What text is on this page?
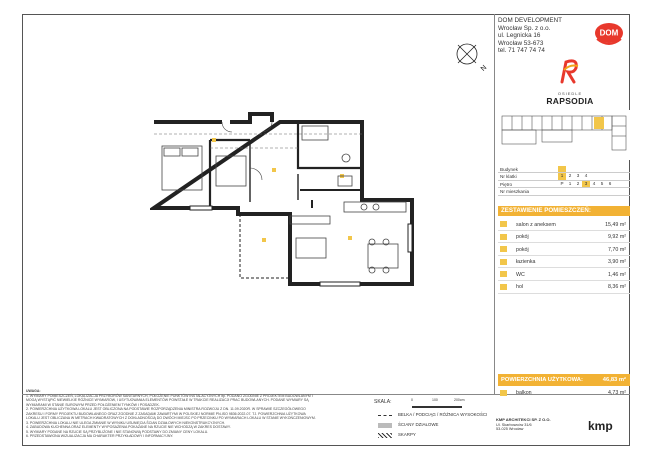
DOM DEVELOPMENT
Wrocław Sp. z o.o.
ul. Legnicka 16
Wrocław 53-673
tel. 71 747 74 74
DOM
OSIEDLE
RAPSODIA
N
Budynek
Nr klatki	1	2	3	4
Piętro	P	1	2	3	4	5	6
Nr mieszkania
ZESTAWIENIE POMIESZCZEŃ:
salon z aneksem	15,49 m²
pokój	9,92 m²
pokój	7,70 m²
łazienka	3,90 m²
WC	1,46 m²
hol	8,36 m²
POWIERZCHNIA UŻYTKOWA:	46,83 m²
balkon	4,73 m²
UWAGA:
1. WYMIARY POMIESZCZEŃ, LOKALIZACJA PRZYBORÓW SANITARNYCH, POŁOŻENIE PUNKTÓW INSTALACYJNYCH itp. PODANO ZGODNIE Z PROJEKTEM BUDOWLANYM I
MOGĄ WYSTĄPIĆ NIEWIELKIE RÓŻNICE WYMIAROW, I USYTUOWANIA ELEMENTÓW POWSTAŁE W TRAKCIE REALIZACJI PRAC BUDOWLANYCH. PODANE WYMIARY SĄ
WYMIARAMI W STANIE SUROWYM PRZED POŁOŻENIEM TYNKÓW I POSADZEK.
2. POWIERZCHNIA UŻYTKOWA LOKALU JEST OBLICZONA NA PODSTAWIE ROZPORZĄDZENIA MINISTRA ROZWOJU Z DN. 11.09.2020R. W SPRAWIE SZCZEGÓŁOWEGO
ZAKRESU I FORMY PROJEKTU BUDOWLANEGO ORAZ ZGODNIE Z ZASADAMI ZAWARTYMI W POLSKIEJ NORMIE PN-ISO 9836:2022-07. TJ. POWIERZCHNIA UŻYTKOWA
LOKALU JEST OBLICZANA W METRACH KWADRATOWYCH Z DOKŁADNOŚCIĄ DO DWÓCH MIEJSC PO PRZECINKU PO WYMIARACH LOKALU W STANIE WYKOŃCZENIOWYM.
3. POWIERZCHNIA LOKALU NIE ULEGA ZMIANIE W WYNIKU USUNIĘCIA ŚCIAN DZIAŁOWYCH NIEKONSTRUKCYJNYCH.
4. ZABUDOWA KUCHENNA ORAZ ELEMENTY WYPOSAŻENIA POKAZANE NA RZUCIE NIE WCHODZĄ W ZAKRES DOSTAWY.
5. WYMIARY PODANE NA RZUCIE SĄ PRZYBLIŻONE I NIE STANOWIĄ PODSTAWY DO ZMIANY CENY LOKALU.
6. PRZEDSTAWIONA WIZUALIZACJA MA CHARAKTER PRZYKŁADOWY I INFORMACYJNY.
SKALA:	0	100	200cm
BELKA / PODCIĄG / RÓŻNICA WYSOKOŚCI
ŚCIANY DZIAŁOWE
SKARPY
KMP ARCHITEKCI SP. Z O.O.
Ul. Skarbowców 31/6
53-025 Wrocław	kmp
